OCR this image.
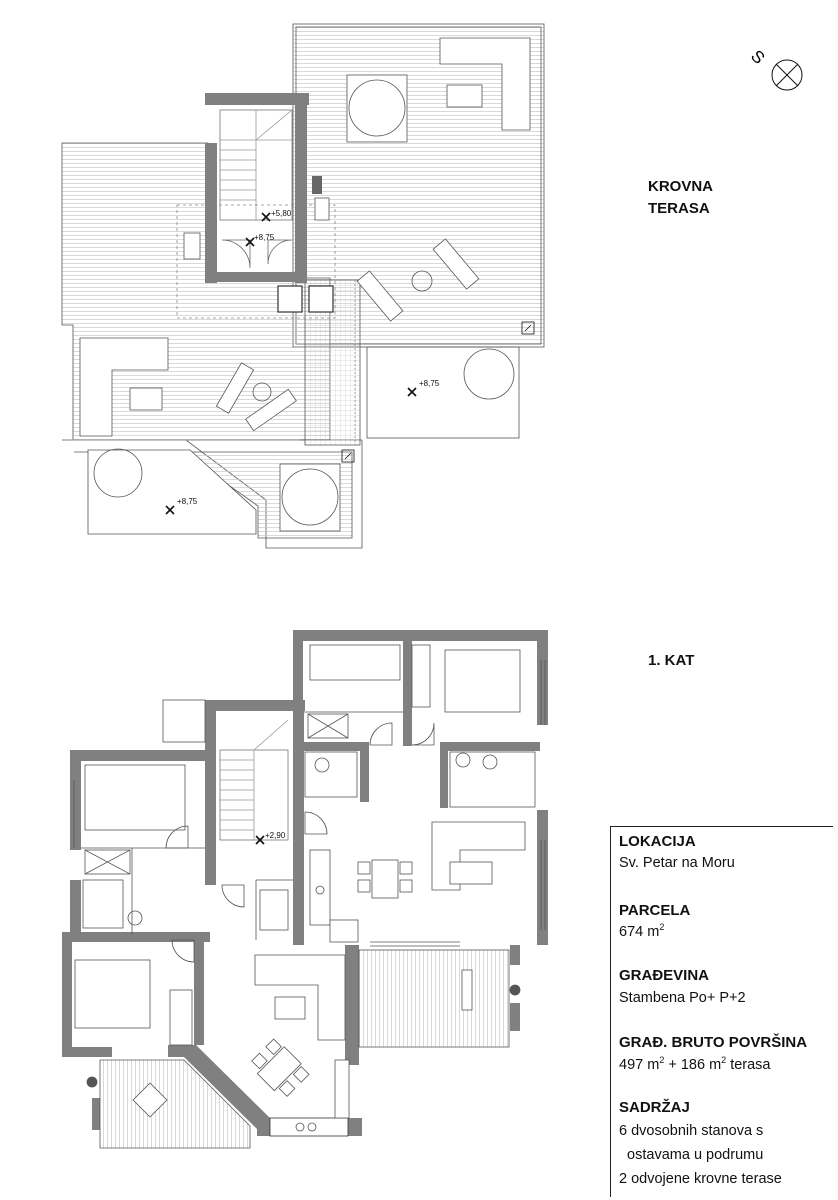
+5,80
+8,75
+8,75
+8,75
S
+2,90
KROVNA
TERASA
1. KAT
LOKACIJA
Sv. Petar na Moru
PARCELA
674 $m^2$
GRAĐEVINA
Stambena Po+ P+2
GRAĐ. BRUTO POVRŠINA
497 $m^2 + 186$ $m^2$ terasa
SADRŽAJ
6 dvosobnih stanova s
ostavama u podrumu
2 odvojene krovne terase
